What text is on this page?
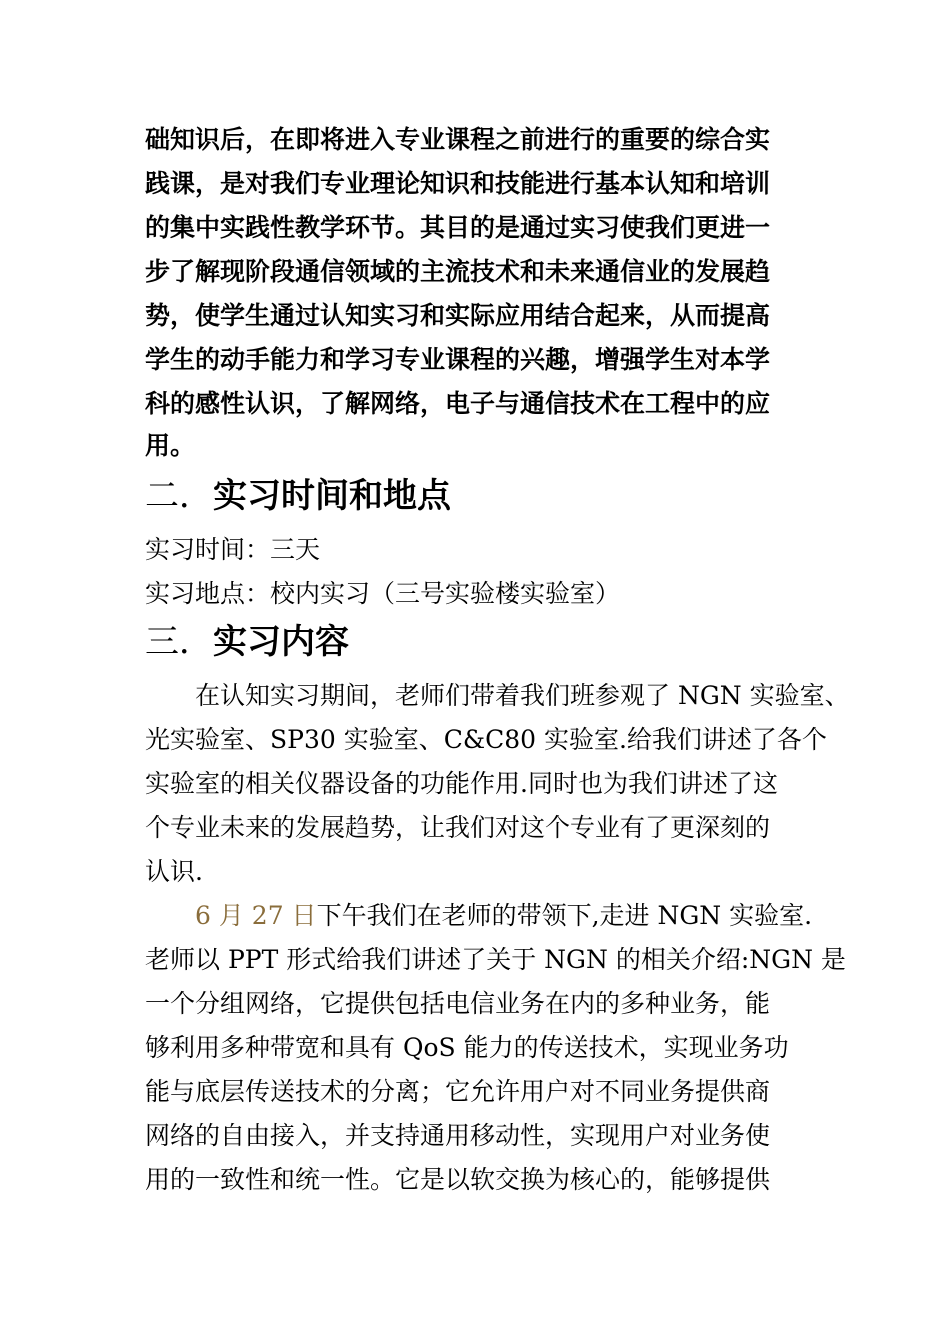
础知识后，在即将进入专业课程之前进行的重要的综合实
践课，是对我们专业理论知识和技能进行基本认知和培训
的集中实践性教学环节。其目的是通过实习使我们更进一
步了解现阶段通信领域的主流技术和未来通信业的发展趋
势，使学生通过认知实习和实际应用结合起来，从而提高
学生的动手能力和学习专业课程的兴趣，增强学生对本学
科的感性认识，了解网络，电子与通信技术在工程中的应
用。
二．实习时间和地点
实习时间：三天
实习地点：校内实习（三号实验楼实验室）
三．实习内容
在认知实习期间，老师们带着我们班参观了 NGN 实验室、
光实验室、SP30 实验室、C&C80 实验室.给我们讲述了各个
实验室的相关仪器设备的功能作用.同时也为我们讲述了这
个专业未来的发展趋势，让我们对这个专业有了更深刻的
认识.
6 月 27 日下午我们在老师的带领下,走进 NGN 实验室.
老师以 PPT 形式给我们讲述了关于 NGN 的相关介绍:NGN 是
一个分组网络，它提供包括电信业务在内的多种业务，能
够利用多种带宽和具有 QoS 能力的传送技术，实现业务功
能与底层传送技术的分离；它允许用户对不同业务提供商
网络的自由接入，并支持通用移动性，实现用户对业务使
用的一致性和统一性。它是以软交换为核心的，能够提供
